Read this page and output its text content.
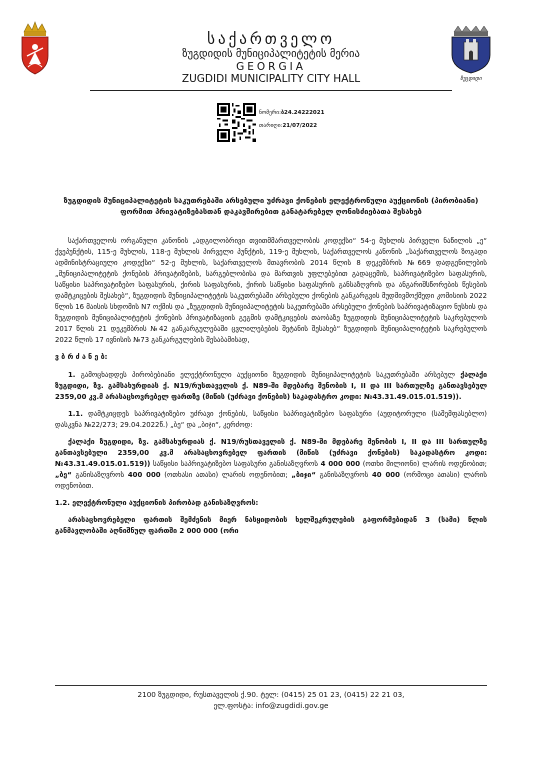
საქართველო
ზუგდიდის მუნიციპალიტეტის მერია
GEORGIA
ZUGDIDI MUNICIPALITY CITY HALL	ზუგდიდი
ნომერი:ბ24.24222021
თარიღი:21/07/2022
ზუგდიდის მუნიციპალიტეტის საკუთრებაში არსებული უძრავი ქონების ელექტრონული აუქციონის (პირობიანი) ფორმით პრივატიზებასთან დაკავშირებით განატარებელ ღონისძიებათა შესახებ

საქართველოს ორგანული კანონის „ადგილობრივი თვითმმართველობის კოდექსი“ 54-ე მუხლის პირველი ნაწილის „ე“ ქვეპუნქტის, 115-ე მუხლის, 118-ე მუხლის პირველი პუნქტის, 119-ე მუხლის, საქართველოს კანონის „საქართველოს ზოგადი ადმინისტრაციული კოდექსი“ 52-ე მუხლის, საქართველოს მთავრობის 2014 წლის 8 დეკემბრის №669 დადგენილების „მუნიციპალიტეტის ქონების პრივატიზების, სარგებლობისა და მართვის უფლებებით გადაცემის, საპრივატიზებო საფასურის, საწყისი საპრივატიზებო საფასურის, ქირის საფასურის, ქირის საწყისი საფასურის განსაზღვრის და ანგარიშსწორების წესების დამტკიცების შესახებ“, ზუგდიდის მუნიციპალიტეტის საკუთრებაში არსებული ქონების განკარგვის მუდმივმოქმედი კომისიის 2022 წლის 16 მაისის სხდომის N7 ოქმის და „ზუგდიდის მუნიციპალიტეტის საკუთრებაში არსებული ქონების საპრივატიზაციო ნუსხის და ზუგდიდის მუნიციპალიტეტის ქონების პრივატიზაციის გეგმის დამტკიცების თაობაზე ზუგდიდის მუნიციპალიტეტის საკრებულოს 2017 წლის 21 დეკემბრის №42 განკარგულებაში ცვლილებების შეტანის შესახებ“ ზუგდიდის მუნიციპალიტეტის საკრებულოს 2022 წლის 17 ივნისის №73 განკარგულების შესაბამისად,

ვ ბ რ ძ ა ნ ე ბ:

1. გამოცხადდეს პირობებიანი ელექტრონული აუქციონი ზუგდიდის მუნიციპალიტეტის საკუთრებაში არსებულ ქალაქი ზუგდიდი, ზვ. გამსახურდიას ქ. N19/რუსთაველის ქ. N89-ში მდებარე შენობის I, II და III სართულზე განთავსებულ 2359,00 კვ.მ არასაცხოვრებელ ფართზე (მიწის (უძრავი ქონების) საკადასტრო კოდი: №43.31.49.015.01.519)).

1.1. დამტკიცდეს საპრივატიზებო უძრავი ქონების, საწყისი საპრივატიზებო საფასური (აუდიტორული (საშემფასებლო) დასკვნა №22/273; 29.04.2022წ.) „ბე“ და „ბიჯი“, კერძოდ:

ქალაქი ზუგდიდი, ზვ. გამსახურდიას ქ. N19/რუსთაველის ქ. N89-ში მდებარე შენობის I, II და III სართულზე განთავსებული 2359,00 კვ.მ არასაცხოვრებელ ფართის (მიწის (უძრავი ქონების) საკადასტრო კოდი: №43.31.49.015.01.519)) საწყისი საპრივატიზებო საფასური განისაზღვროს 4 000 000 (ოთხი მილიონი) ლარის ოდენობით; „ბე“ განისაზღვროს 400 000 (ოთხასი ათასი) ლარის ოდენობით; „ბიჯი“ განისაზღვროს 40 000 (ორმოცი ათასი) ლარის ოდენობით.

1.2. ელექტრონული აუქციონის პირობად განისაზღვროს:

არასაცხოვრებელი ფართის შემძენის მიერ ნასყიდობის ხელშეკრულების გაფორმებიდან 3 (სამი) წლის განმავლობაში აღნიშნულ ფართში 2 000 000 (ორი

2100 ზუგდიდი, რუსთაველის ქ.90. ტელ: (0415) 25 01 23, (0415) 22 21 03,
ელ.ფოსტა: info@zugdidi.gov.ge
